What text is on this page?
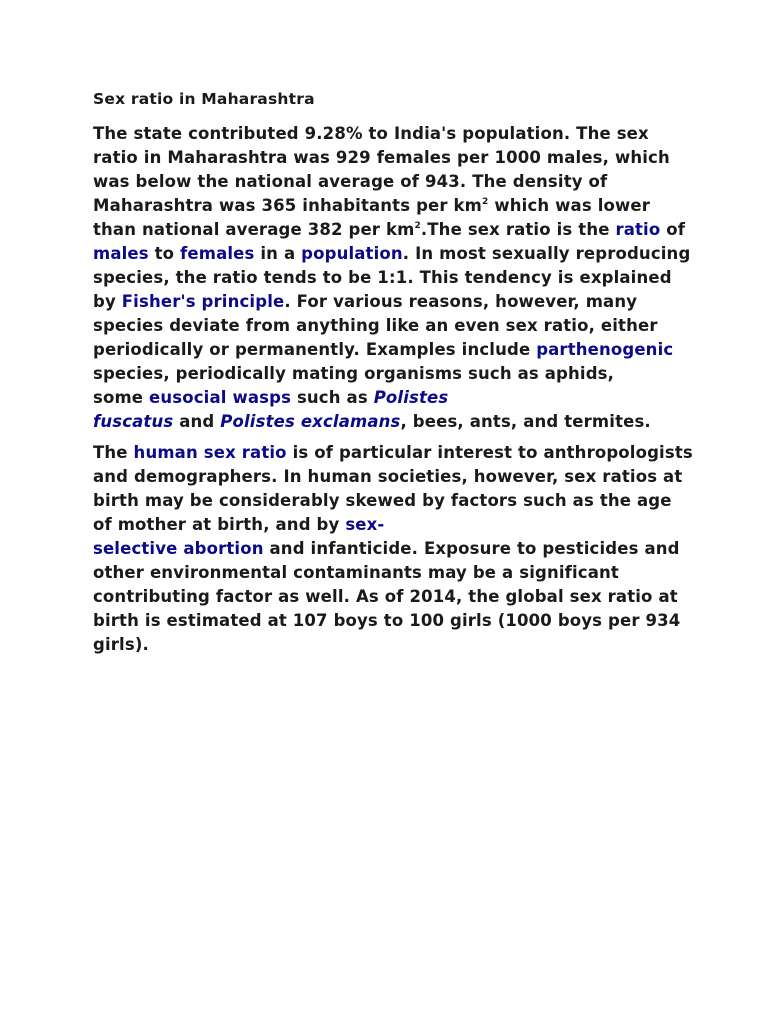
Sex ratio in Maharashtra

The state contributed 9.28% to India's population. The sex ratio in Maharashtra was 929 females per 1000 males, which was below the national average of 943. The density of Maharashtra was 365 inhabitants per $km^2$ which was lower than national average 382 per $km^2.The$ sex ratio is the ratio of males to females in a population. In most sexually reproducing species, the ratio tends to be 1:1. This tendency is explained by Fisher's principle. For various reasons, however, many species deviate from anything like an even sex ratio, either periodically or permanently. Examples include parthenogenic species, periodically mating organisms such as aphids,
some eusocial wasps such as Polistes
fuscatus and Polistes exclamans, bees, ants, and termites.

The human sex ratio is of particular interest to anthropologists and demographers. In human societies, however, sex ratios at birth may be considerably skewed by factors such as the age of mother at birth, and by sex-
selective abortion and infanticide. Exposure to pesticides and other environmental contaminants may be a significant contributing factor as well. As of 2014, the global sex ratio at birth is estimated at 107 boys to 100 girls (1000 boys per 934 girls).
